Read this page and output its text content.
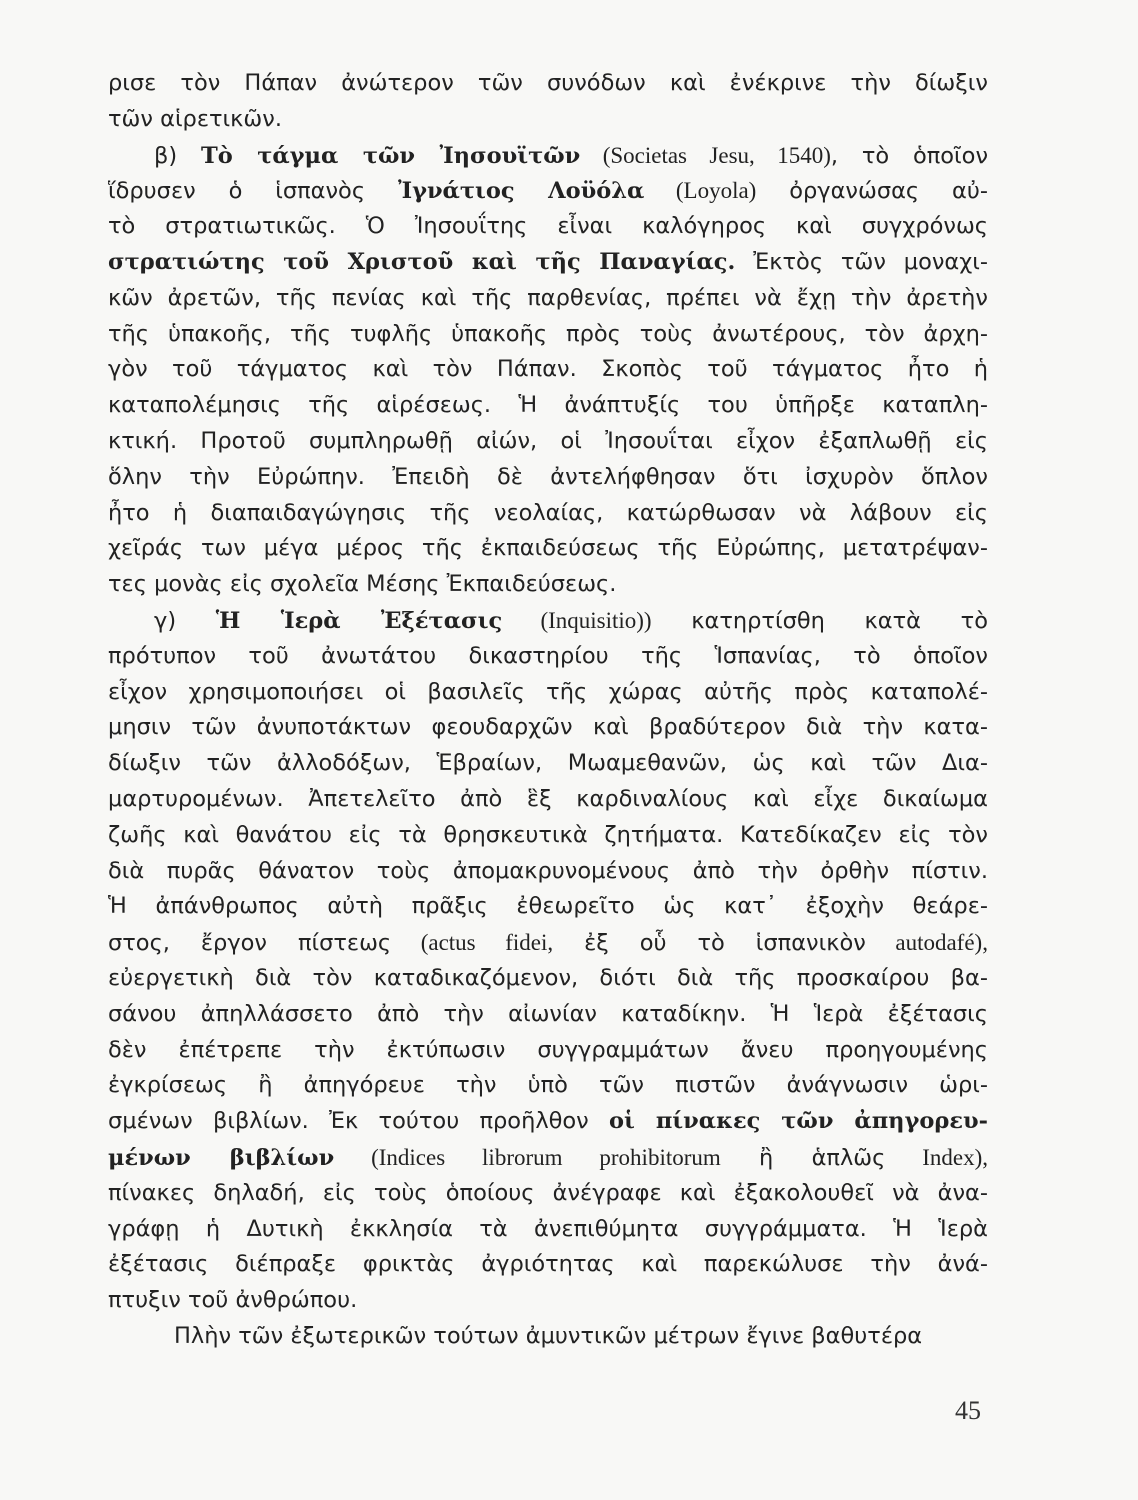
ρισε τὸν Πάπαν ἀνώτερον τῶν συνόδων καὶ ἐνέκρινε τὴν δίωξιν
τῶν αἱρετικῶν.
β) Τὸ τάγμα τῶν Ἰησουϊτῶν (Societas Jesu, 1540), τὸ ὁποῖον
ἵδρυσεν ὁ ἱσπανὸς Ἰγνάτιος Λοϋόλα (Loyola) ὀργανώσας αὐ-
τὸ στρατιωτικῶς. Ὁ Ἰησουΐτης εἶναι καλόγηρος καὶ συγχρόνως
στρατιώτης τοῦ Χριστοῦ καὶ τῆς Παναγίας. Ἐκτὸς τῶν μοναχι-
κῶν ἀρετῶν, τῆς πενίας καὶ τῆς παρθενίας, πρέπει νὰ ἔχῃ τὴν ἀρετὴν
τῆς ὑπακοῆς, τῆς τυφλῆς ὑπακοῆς πρὸς τοὺς ἀνωτέρους, τὸν ἀρχη-
γὸν τοῦ τάγματος καὶ τὸν Πάπαν. Σκοπὸς τοῦ τάγματος ἦτο ἡ
καταπολέμησις τῆς αἱρέσεως. Ἡ ἀνάπτυξίς του ὑπῆρξε καταπλη-
κτική. Προτοῦ συμπληρωθῇ αἰών, οἱ Ἰησουΐται εἶχον ἐξαπλωθῇ εἰς
ὅλην τὴν Εὐρώπην. Ἐπειδὴ δὲ ἀντελήφθησαν ὅτι ἰσχυρὸν ὅπλον
ἦτο ἡ διαπαιδαγώγησις τῆς νεολαίας, κατώρθωσαν νὰ λάβουν εἰς
χεῖράς των μέγα μέρος τῆς ἐκπαιδεύσεως τῆς Εὐρώπης, μετατρέψαν-
τες μονὰς εἰς σχολεῖα Μέσης Ἐκπαιδεύσεως.
γ) Ἡ Ἱερὰ Ἐξέτασις (Inquisitio)) κατηρτίσθη κατὰ τὸ
πρότυπον τοῦ ἀνωτάτου δικαστηρίου τῆς Ἱσπανίας, τὸ ὁποῖον
εἶχον χρησιμοποιήσει οἱ βασιλεῖς τῆς χώρας αὐτῆς πρὸς καταπολέ-
μησιν τῶν ἀνυποτάκτων φεουδαρχῶν καὶ βραδύτερον διὰ τὴν κατα-
δίωξιν τῶν ἀλλοδόξων, Ἑβραίων, Μωαμεθανῶν, ὡς καὶ τῶν Δια-
μαρτυρομένων. Ἀπετελεῖτο ἀπὸ ἓξ καρδιναλίους καὶ εἶχε δικαίωμα
ζωῆς καὶ θανάτου εἰς τὰ θρησκευτικὰ ζητήματα. Κατεδίκαζεν εἰς τὸν
διὰ πυρᾶς θάνατον τοὺς ἀπομακρυνομένους ἀπὸ τὴν ὀρθὴν πίστιν.
Ἡ ἀπάνθρωπος αὐτὴ πρᾶξις ἐθεωρεῖτο ὡς κατ᾽ ἐξοχὴν θεάρε-
στος, ἔργον πίστεως (actus fidei, ἐξ οὗ τὸ ἱσπανικὸν autodafé),
εὐεργετικὴ διὰ τὸν καταδικαζόμενον, διότι διὰ τῆς προσκαίρου βα-
σάνου ἀπηλλάσσετο ἀπὸ τὴν αἰωνίαν καταδίκην. Ἡ Ἱερὰ ἐξέτασις
δὲν ἐπέτρεπε τὴν ἐκτύπωσιν συγγραμμάτων ἄνευ προηγουμένης
ἐγκρίσεως ἢ ἀπηγόρευε τὴν ὑπὸ τῶν πιστῶν ἀνάγνωσιν ὡρι-
σμένων βιβλίων. Ἐκ τούτου προῆλθον οἱ πίνακες τῶν ἀπηγορευ-
μένων βιβλίων (Indices librorum prohibitorum ἢ ἁπλῶς Index),
πίνακες δηλαδή, εἰς τοὺς ὁποίους ἀνέγραφε καὶ ἐξακολουθεῖ νὰ ἀνα-
γράφῃ ἡ Δυτικὴ ἐκκλησία τὰ ἀνεπιθύμητα συγγράμματα. Ἡ Ἱερὰ
ἐξέτασις διέπραξε φρικτὰς ἀγριότητας καὶ παρεκώλυσε τὴν ἀνά-
πτυξιν τοῦ ἀνθρώπου.
Πλὴν τῶν ἐξωτερικῶν τούτων ἀμυντικῶν μέτρων ἔγινε βαθυτέρα
45
